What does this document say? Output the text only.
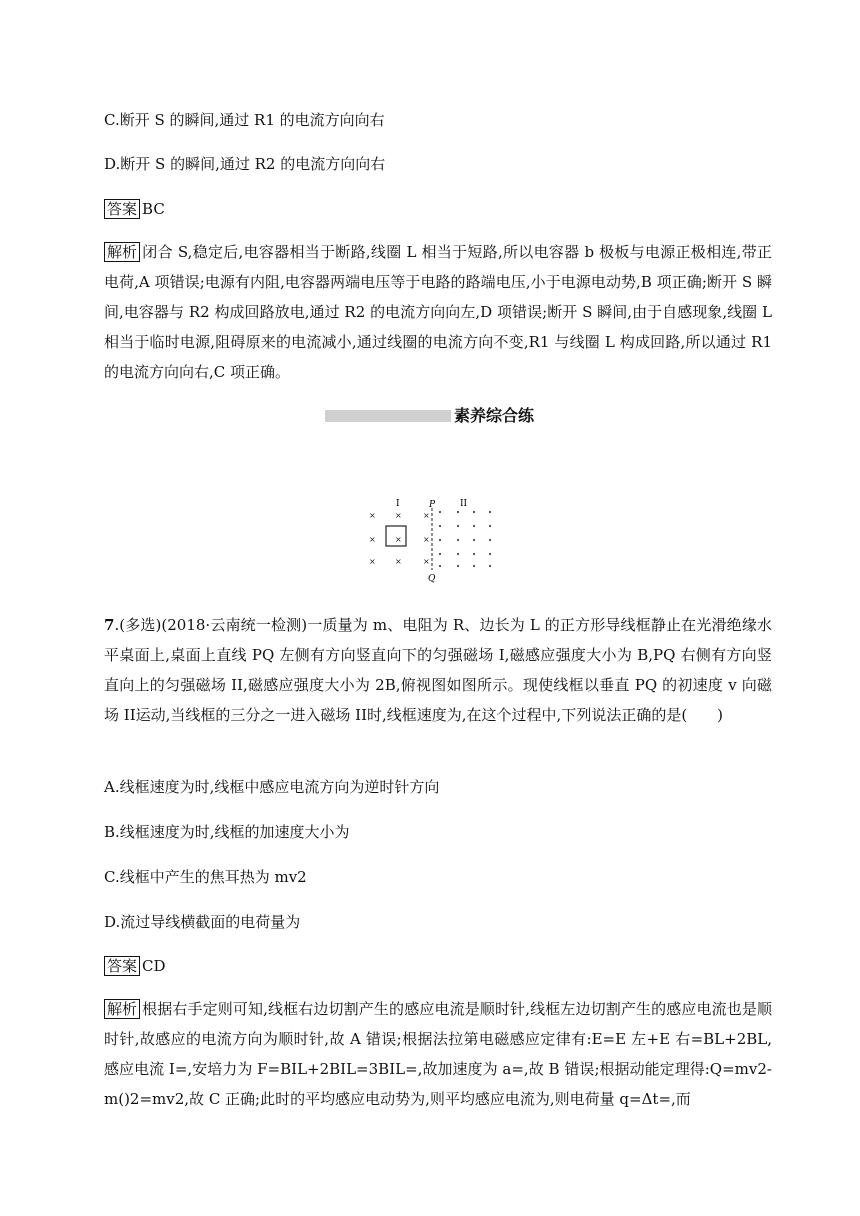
C.断开 S 的瞬间,通过 R1 的电流方向向右
D.断开 S 的瞬间,通过 R2 的电流方向向右
答案 BC
解析 闭合 S,稳定后,电容器相当于断路,线圈 L 相当于短路,所以电容器 b 极板与电源正极相连,带正电荷,A 项错误;电源有内阻,电容器两端电压等于电路的路端电压,小于电源电动势,B 项正确;断开 S 瞬间,电容器与 R2 构成回路放电,通过 R2 的电流方向向左,D 项错误;断开 S 瞬间,由于自感现象,线圈 L 相当于临时电源,阻碍原来的电流减小,通过线圈的电流方向不变,R1 与线圈 L 构成回路,所以通过 R1 的电流方向向右,C 项正确。
素养综合练
× ×	×
× ×	×
× ×	×
I	P	II
Q
7.(多选)(2018·云南统一检测)一质量为 m、电阻为 R、边长为 L 的正方形导线框静止在光滑绝缘水平桌面上,桌面上直线 PQ 左侧有方向竖直向下的匀强磁场 I,磁感应强度大小为 B,PQ 右侧有方向竖直向上的匀强磁场 II,磁感应强度大小为 2B,俯视图如图所示。现使线框以垂直 PQ 的初速度 v 向磁场 II运动,当线框的三分之一进入磁场 II时,线框速度为,在这个过程中,下列说法正确的是(　　)
A.线框速度为时,线框中感应电流方向为逆时针方向
B.线框速度为时,线框的加速度大小为
C.线框中产生的焦耳热为 mv2
D.流过导线横截面的电荷量为
答案 CD
解析 根据右手定则可知,线框右边切割产生的感应电流是顺时针,线框左边切割产生的感应电流也是顺时针,故感应的电流方向为顺时针,故 A 错误;根据法拉第电磁感应定律有:E=E 左+E 右=BL+2BL,感应电流 I=,安培力为 F=BIL+2BIL=3BIL=,故加速度为 a=,故 B 错误;根据动能定理得:Q=mv2-m()2=mv2,故 C 正确;此时的平均感应电动势为,则平均感应电流为,则电荷量 q=Δt=,而
